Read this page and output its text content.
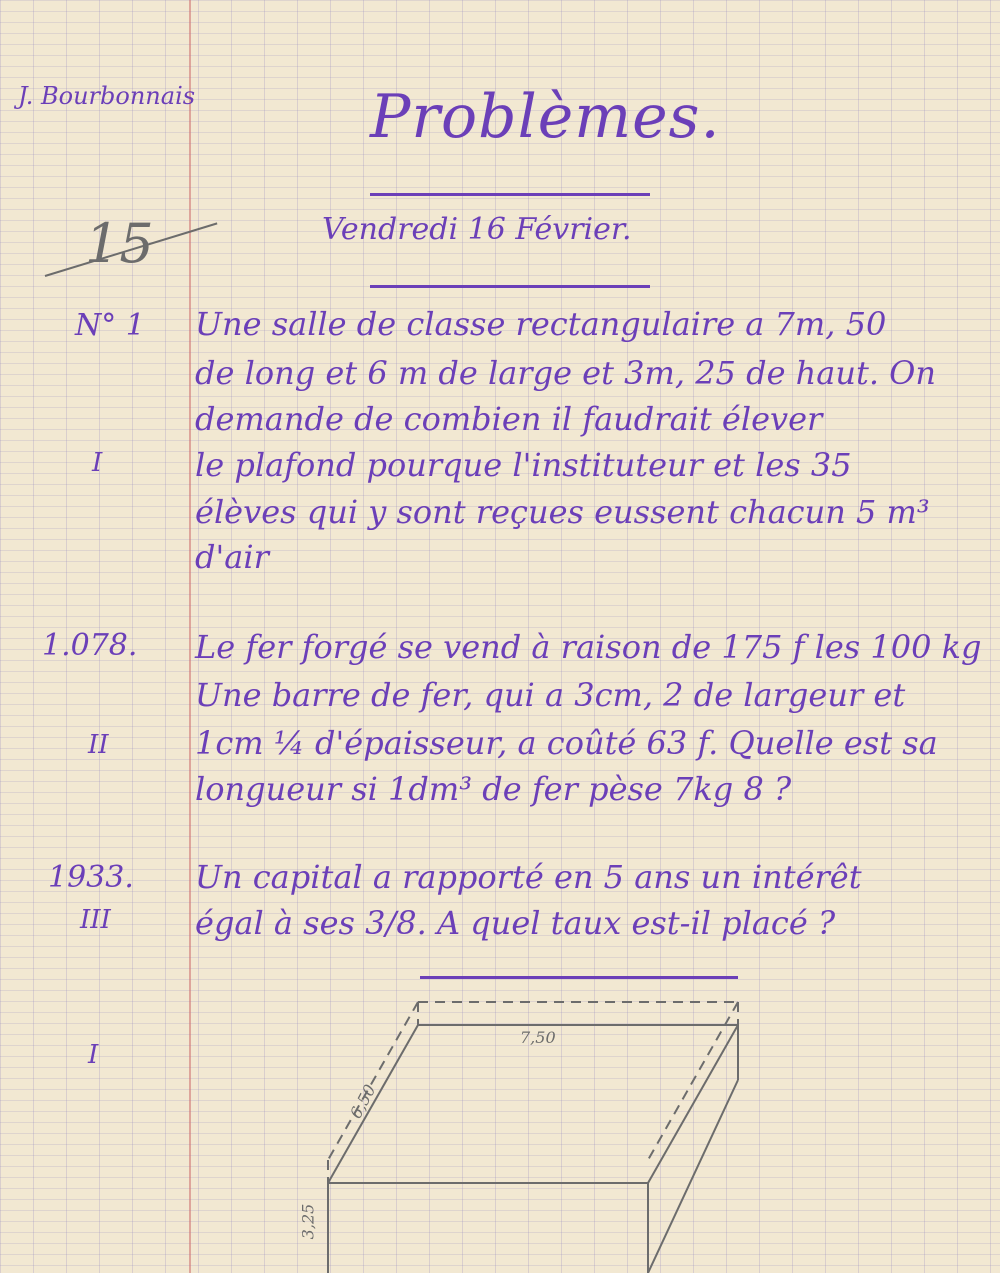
J. Bourbonnais	Problèmes.
Vendredi 16 Février.
15
N° 1
I
Une salle de classe rectangulaire a 7m, 50
de long et 6 m de large et 3m, 25 de haut. On
demande de combien il faudrait élever
le plafond pourque l'instituteur et les 35
élèves qui y sont reçues eussent chacun 5 m³
d'air
1.078.
II
Le fer forgé se vend à raison de 175 f les 100 kg
Une barre de fer, qui a 3cm, 2 de largeur et
1cm ¼ d'épaisseur, a coûté 63 f. Quelle est sa
longueur si 1dm³ de fer pèse 7kg 8 ?
1933.
III
Un capital a rapporté en 5 ans un intérêt
égal à ses 3/8. A quel taux est-il placé ?
I
7,50
6,50
3,25
